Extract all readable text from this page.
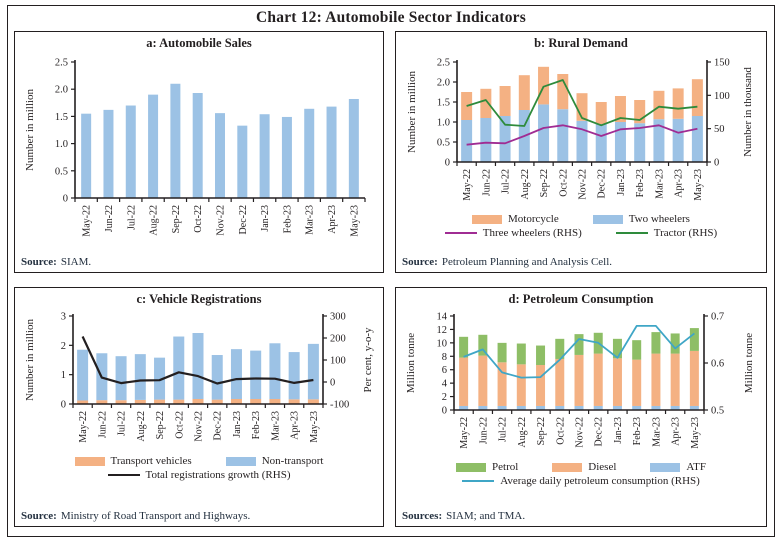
Chart 12: Automobile Sector Indicators
a: Automobile Sales
0
0.5
1.0
1.5
2.0
2.5
May-22 Jun-22 Jul-22 Aug-22 Sep-22 Oct-22 Nov-22 Dec-22 Jan-23 Feb-23 Mar-23 Apr-23 May-23
Number in million
Source: SIAM.
b: Rural Demand
0
0.5
1.0
1.5
2.0
2.5
0
50
100
150
May-22 Jun-22 Jul-22 Aug-22 Sep-22 Oct-22 Nov-22 Dec-22 Jan-23 Feb-23 Mar-23 Apr-23 May-23
Number in million	Number in thousand
Motorcycle	Two wheelers
Three wheelers (RHS)	Tractor (RHS)
Source: Petroleum Planning and Analysis Cell.
c: Vehicle Registrations
0
1
2
3
-100
0
100
200
300
May-22 Jun-22 Jul-22 Aug-22 Sep-22 Oct-22 Nov-22 Dec-22 Jan-23 Feb-23 Mar-23 Apr-23 May-23
Number in million	Per cent, y-o-y
Transport vehicles	Non-transport
Total registrations growth (RHS)
Source: Ministry of Road Transport and Highways.
d: Petroleum Consumption
0
2
4
6
8
10
12
14
0.5
0.6
0.7
May-22 Jun-22 Jul-22 Aug-22 Sep-22 Oct-22 Nov-22 Dec-22 Jan-23 Feb-23 Mar-23 Apr-23 May-23
Million tonne	Million tonne
Petrol	Diesel	ATF
Average daily petroleum consumption (RHS)
Sources: SIAM; and TMA.
